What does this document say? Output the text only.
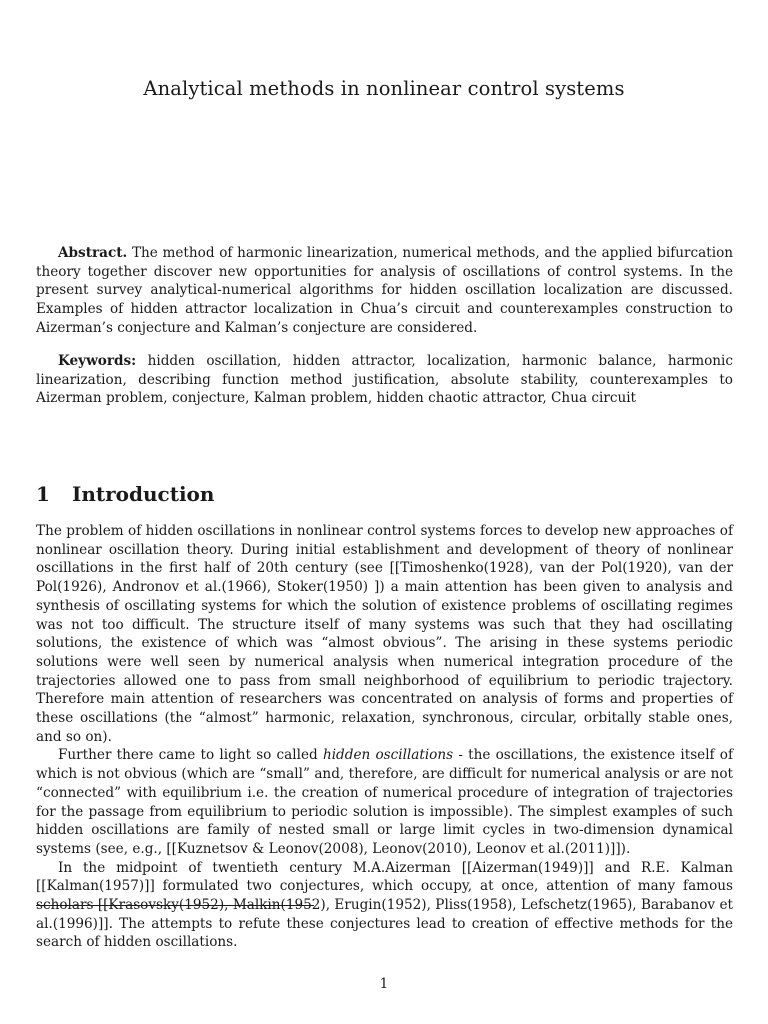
Analytical methods in nonlinear control systems

Abstract. The method of harmonic linearization, numerical methods, and the applied bifurcation theory together discover new opportunities for analysis of oscillations of control systems. In the present survey analytical-numerical algorithms for hidden oscillation localization are discussed. Examples of hidden attractor localization in Chua’s circuit and counterexamples construction to Aizerman’s conjecture and Kalman’s conjecture are considered.

Keywords: hidden oscillation, hidden attractor, localization, harmonic balance, harmonic linearization, describing function method justification, absolute stability, counterexamples to Aizerman problem, conjecture, Kalman problem, hidden chaotic attractor, Chua circuit

1 Introduction

The problem of hidden oscillations in nonlinear control systems forces to develop new approaches of nonlinear oscillation theory. During initial establishment and development of theory of nonlinear oscillations in the first half of 20th century (see [[Timoshenko(1928), van der Pol(1920), van der Pol(1926), Andronov et al.(1966), Stoker(1950) ]) a main attention has been given to analysis and synthesis of oscillating systems for which the solution of existence problems of oscillating regimes was not too difficult. The structure itself of many systems was such that they had oscillating solutions, the existence of which was “almost obvious”. The arising in these systems periodic solutions were well seen by numerical analysis when numerical integration procedure of the trajectories allowed one to pass from small neighborhood of equilibrium to periodic trajectory. Therefore main attention of researchers was concentrated on analysis of forms and properties of these oscillations (the “almost” harmonic, relaxation, synchronous, circular, orbitally stable ones, and so on).

Further there came to light so called hidden oscillations - the oscillations, the existence itself of which is not obvious (which are “small” and, therefore, are difficult for numerical analysis or are not “connected” with equilibrium i.e. the creation of numerical procedure of integration of trajectories for the passage from equilibrium to periodic solution is impossible). The simplest examples of such hidden oscillations are family of nested small or large limit cycles in two-dimension dynamical systems (see, e.g., [[Kuznetsov & Leonov(2008), Leonov(2010), Leonov et al.(2011)]]).

In the midpoint of twentieth century M.A.Aizerman [[Aizerman(1949)]] and R.E. Kalman [[Kalman(1957)]] formulated two conjectures, which occupy, at once, attention of many famous scholars [[Krasovsky(1952), Malkin(1952), Erugin(1952), Pliss(1958), Lefschetz(1965), Barabanov et al.(1996)]]. The attempts to refute these conjectures lead to creation of effective methods for the search of hidden oscillations.

1
